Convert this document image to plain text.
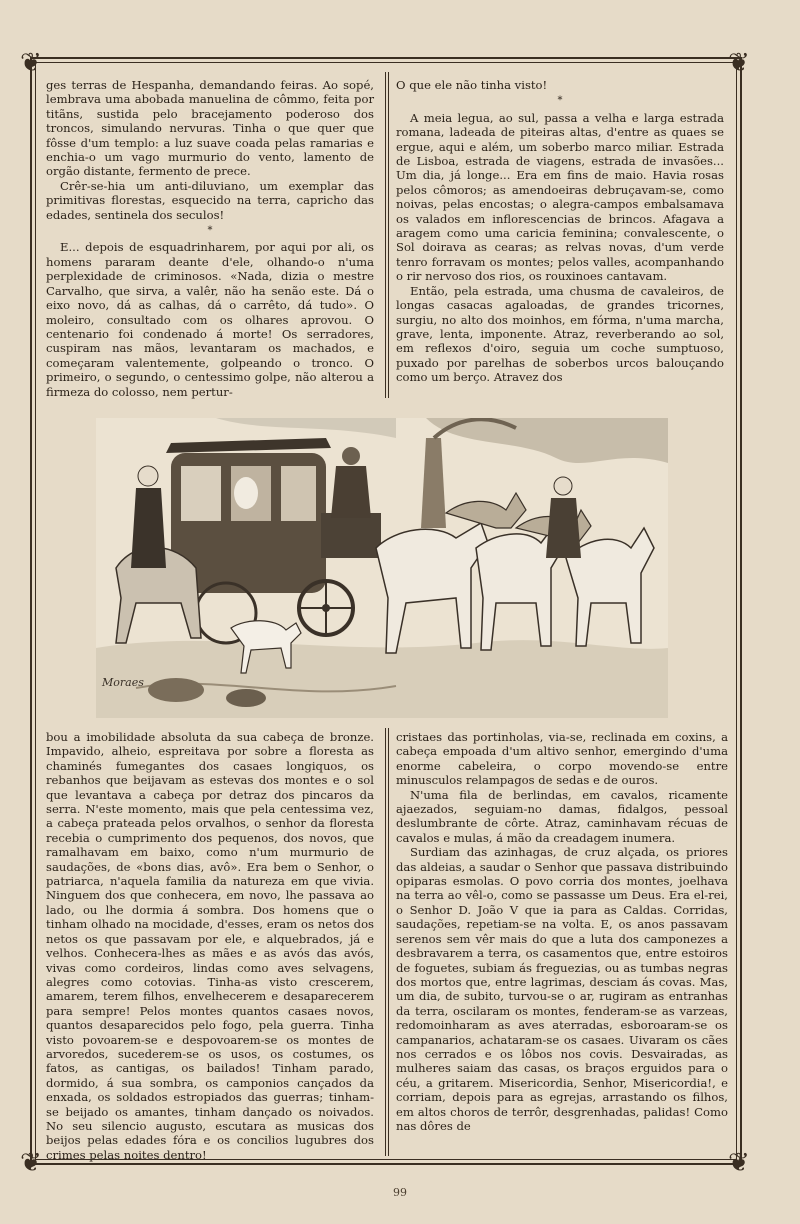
❦	❦
❦	❦

ges terras de Hespanha, demandando feiras. Ao sopé, lembrava uma abobada manuelina de cômmo, feita por titãns, sustida pelo bracejamento poderoso dos troncos, simulando nervuras. Tinha o que quer que fôsse d'um templo: a luz suave coada pelas ramarias e enchia-o um vago murmurio do vento, lamento de orgão distante, fermento de prece.

Crêr-se-hia um anti-diluviano, um exemplar das primitivas florestas, esquecido na terra, capricho das edades, sentinela dos seculos!

*

E... depois de esquadrinharem, por aqui por ali, os homens pararam deante d'ele, olhando-o n'uma perplexidade de criminosos. «Nada, dizia o mestre Carvalho, que sirva, a valêr, não ha senão este. Dá o eixo novo, dá as calhas, dá o carrêto, dá tudo». O moleiro, consultado com os olhares aprovou. O centenario foi condenado á morte! Os serradores, cuspiram nas mãos, levantaram os machados, e começaram valentemente, golpeando o tronco. O primeiro, o segundo, o centessimo golpe, não alterou a firmeza do colosso, nem pertur-

O que ele não tinha visto!

*

A meia legua, ao sul, passa a velha e larga estrada romana, ladeada de piteiras altas, d'entre as quaes se ergue, aqui e além, um soberbo marco miliar. Estrada de Lisboa, estrada de viagens, estrada de invasões... Um dia, já longe... Era em fins de maio. Havia rosas pelos cômoros; as amendoeiras debruçavam-se, como noivas, pelas encostas; o alegra-campos embalsamava os valados em inflorescencias de brincos. Afagava a aragem como uma caricia feminina; convalescente, o Sol doirava as cearas; as relvas novas, d'um verde tenro forravam os montes; pelos valles, acompanhando o rir nervoso dos rios, os rouxinoes cantavam.

Então, pela estrada, uma chusma de cavaleiros, de longas casacas agaloadas, de grandes tricornes, surgiu, no alto dos moinhos, em fórma, n'uma marcha, grave, lenta, imponente. Atraz, reverberando ao sol, em reflexos d'oiro, seguia um coche sumptuoso, puxado por parelhas de soberbos urcos balouçando como um berço. Atravez dos

Moraes

bou a imobilidade absoluta da sua cabeça de bronze. Impavido, alheio, espreitava por sobre a floresta as chaminés fumegantes dos casaes longiquos, os rebanhos que beijavam as estevas dos montes e o sol que levantava a cabeça por detraz dos pincaros da serra. N'este momento, mais que pela centessima vez, a cabeça prateada pelos orvalhos, o senhor da floresta recebia o cumprimento dos pequenos, dos novos, que ramalhavam em baixo, como n'um murmurio de saudações, de «bons dias, avô». Era bem o Senhor, o patriarca, n'aquela familia da natureza em que vivia. Ninguem dos que conhecera, em novo, lhe passava ao lado, ou lhe dormia á sombra. Dos homens que o tinham olhado na mocidade, d'esses, eram os netos dos netos os que passavam por ele, e alquebrados, já e velhos. Conhecera-lhes as mães e as avós das avós, vivas como cordeiros, lindas como aves selvagens, alegres como cotovias. Tinha-as visto crescerem, amarem, terem filhos, envelhecerem e desaparecerem para sempre! Pelos montes quantos casaes novos, quantos desaparecidos pelo fogo, pela guerra. Tinha visto povoarem-se e despovoarem-se os montes de arvoredos, sucederem-se os usos, os costumes, os fatos, as cantigas, os bailados! Tinham parado, dormido, á sua sombra, os camponios cançados da enxada, os soldados estropiados das guerras; tinham-se beijado os amantes, tinham dançado os noivados. No seu silencio augusto, escutara as musicas dos beijos pelas edades fóra e os concilios lugubres dos crimes pelas noites dentro!

cristaes das portinholas, via-se, reclinada em coxins, a cabeça empoada d'um altivo senhor, emergindo d'uma enorme cabeleira, o corpo movendo-se entre minusculos relampagos de sedas e de ouros.

N'uma fila de berlindas, em cavalos, ricamente ajaezados, seguiam-no damas, fidalgos, pessoal deslumbrante de côrte. Atraz, caminhavam récuas de cavalos e mulas, á mão da creadagem inumera.

Surdiam das azinhagas, de cruz alçada, os priores das aldeias, a saudar o Senhor que passava distribuindo opiparas esmolas. O povo corria dos montes, joelhava na terra ao vêl-o, como se passasse um Deus. Era el-rei, o Senhor D. João V que ia para as Caldas. Corridas, saudações, repetiam-se na volta. E, os anos passavam serenos sem vêr mais do que a luta dos camponezes a desbravarem a terra, os casamentos que, entre estoiros de foguetes, subiam ás freguezias, ou as tumbas negras dos mortos que, entre lagrimas, desciam ás covas. Mas, um dia, de subito, turvou-se o ar, rugiram as entranhas da terra, oscilaram os montes, fenderam-se as varzeas, redomoinharam as aves aterradas, esboroaram-se os campanarios, achataram-se os casaes. Uivaram os cães nos cerrados e os lôbos nos covis. Desvairadas, as mulheres saiam das casas, os braços erguidos para o céu, a gritarem. Misericordia, Senhor, Misericordia!, e corriam, depois para as egrejas, arrastando os filhos, em altos choros de terrôr, desgrenhadas, palidas! Como nas dôres de

99
